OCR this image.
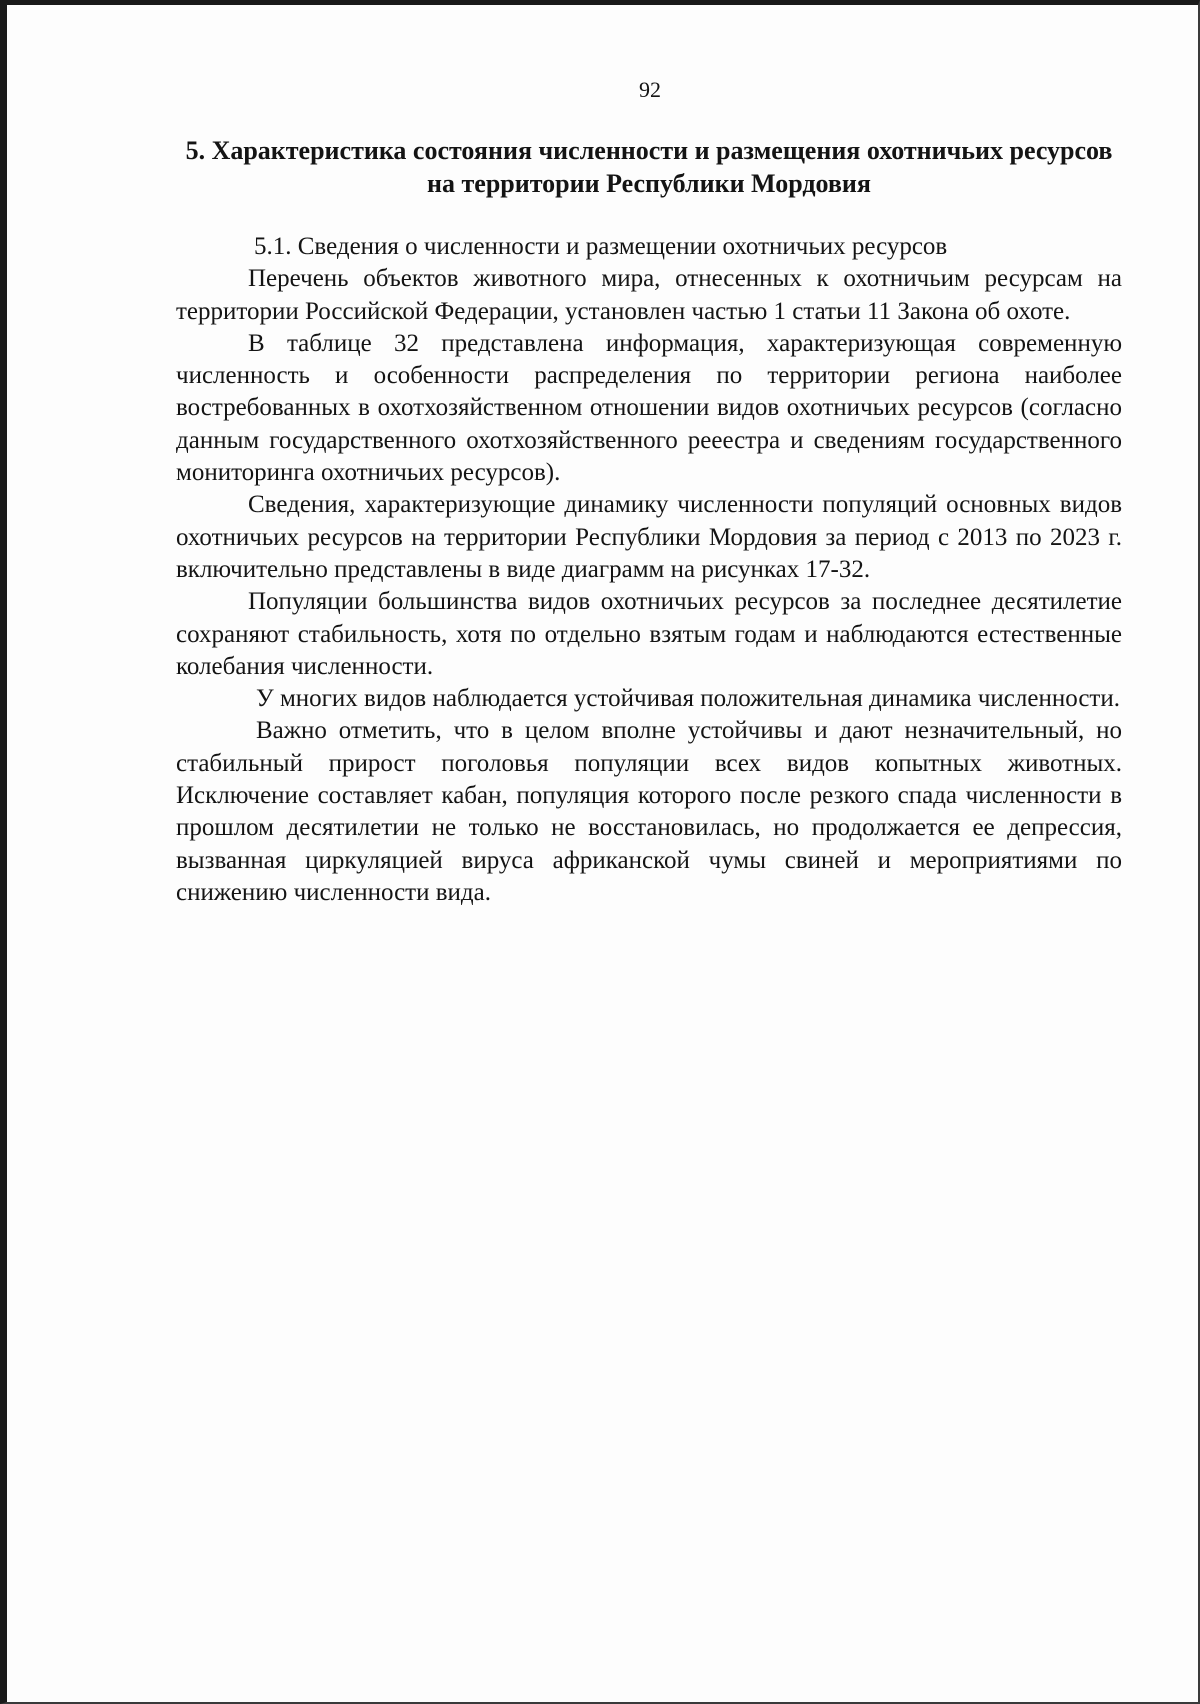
92
5. Характеристика состояния численности и размещения охотничьих ресурсов на территории Республики Мордовия

5.1. Сведения о численности и размещении охотничьих ресурсов

Перечень объектов животного мира, отнесенных к охотничьим ресурсам на территории Российской Федерации, установлен частью 1 статьи 11 Закона об охоте.

В таблице 32 представлена информация, характеризующая современную численность и особенности распределения по территории региона наиболее востребованных в охотхозяйственном отношении видов охотничьих ресурсов (согласно данным государственного охотхозяйственного рееестра и сведениям государственного мониторинга охотничьих ресурсов).

Сведения, характеризующие динамику численности популяций основных видов охотничьих ресурсов на территории Республики Мордовия за период с 2013 по 2023 г. включительно представлены в виде диаграмм на рисунках 17-32.

Популяции большинства видов охотничьих ресурсов за последнее десятилетие сохраняют стабильность, хотя по отдельно взятым годам и наблюдаются естественные колебания численности.

У многих видов наблюдается устойчивая положительная динамика численности.

Важно отметить, что в целом вполне устойчивы и дают незначительный, но стабильный прирост поголовья популяции всех видов копытных животных. Исключение составляет кабан, популяция которого после резкого спада численности в прошлом десятилетии не только не восстановилась, но продолжается ее депрессия, вызванная циркуляцией вируса африканской чумы свиней и мероприятиями по снижению численности вида.
